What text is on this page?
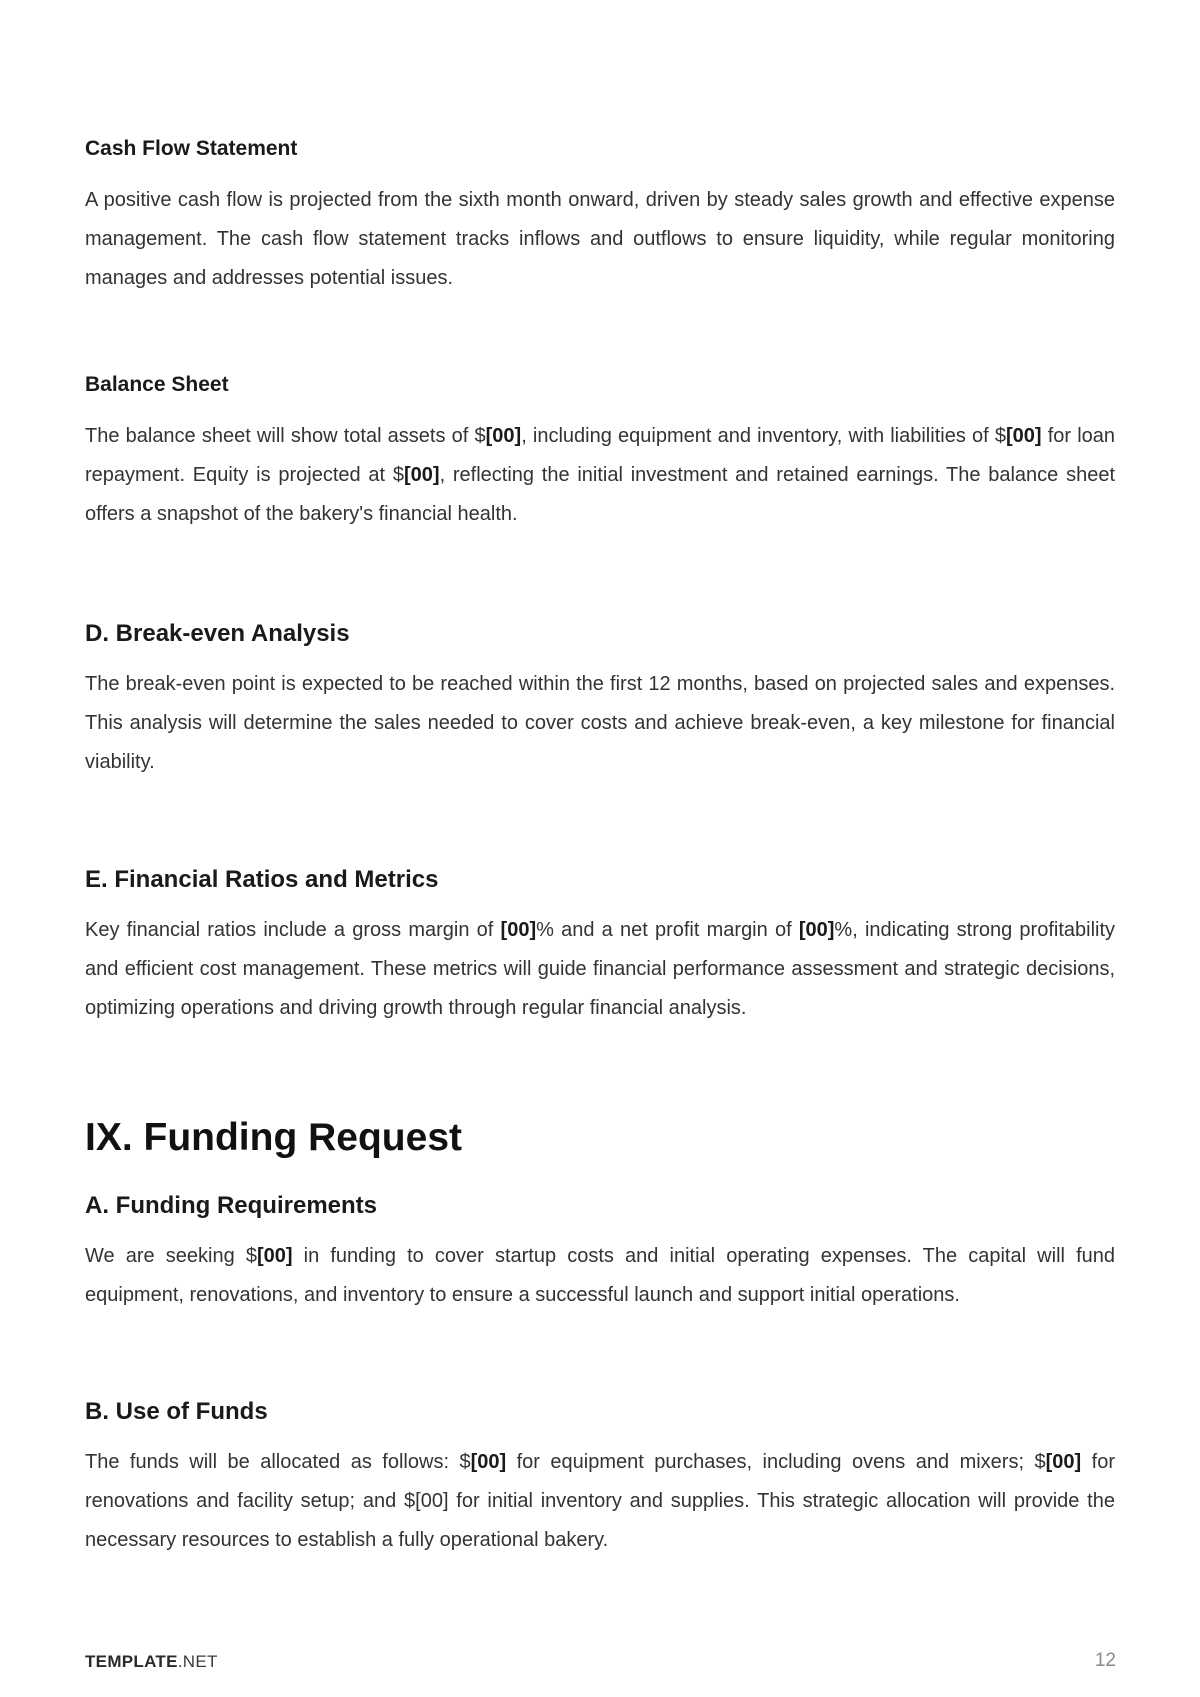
Cash Flow Statement

A positive cash flow is projected from the sixth month onward, driven by steady sales growth and effective expense management. The cash flow statement tracks inflows and outflows to ensure liquidity, while regular monitoring manages and addresses potential issues.

Balance Sheet

The balance sheet will show total assets of $[00], including equipment and inventory, with liabilities of $[00] for loan repayment. Equity is projected at $[00], reflecting the initial investment and retained earnings. The balance sheet offers a snapshot of the bakery's financial health.

D. Break-even Analysis

The break-even point is expected to be reached within the first 12 months, based on projected sales and expenses. This analysis will determine the sales needed to cover costs and achieve break-even, a key milestone for financial viability.

E. Financial Ratios and Metrics

Key financial ratios include a gross margin of [00]% and a net profit margin of [00]%, indicating strong profitability and efficient cost management. These metrics will guide financial performance assessment and strategic decisions, optimizing operations and driving growth through regular financial analysis.

IX. Funding Request
A. Funding Requirements

We are seeking $[00] in funding to cover startup costs and initial operating expenses. The capital will fund equipment, renovations, and inventory to ensure a successful launch and support initial operations.

B. Use of Funds

The funds will be allocated as follows: $[00] for equipment purchases, including ovens and mixers; $[00] for renovations and facility setup; and $[00] for initial inventory and supplies. This strategic allocation will provide the necessary resources to establish a fully operational bakery.

TEMPLATE.NET	12
